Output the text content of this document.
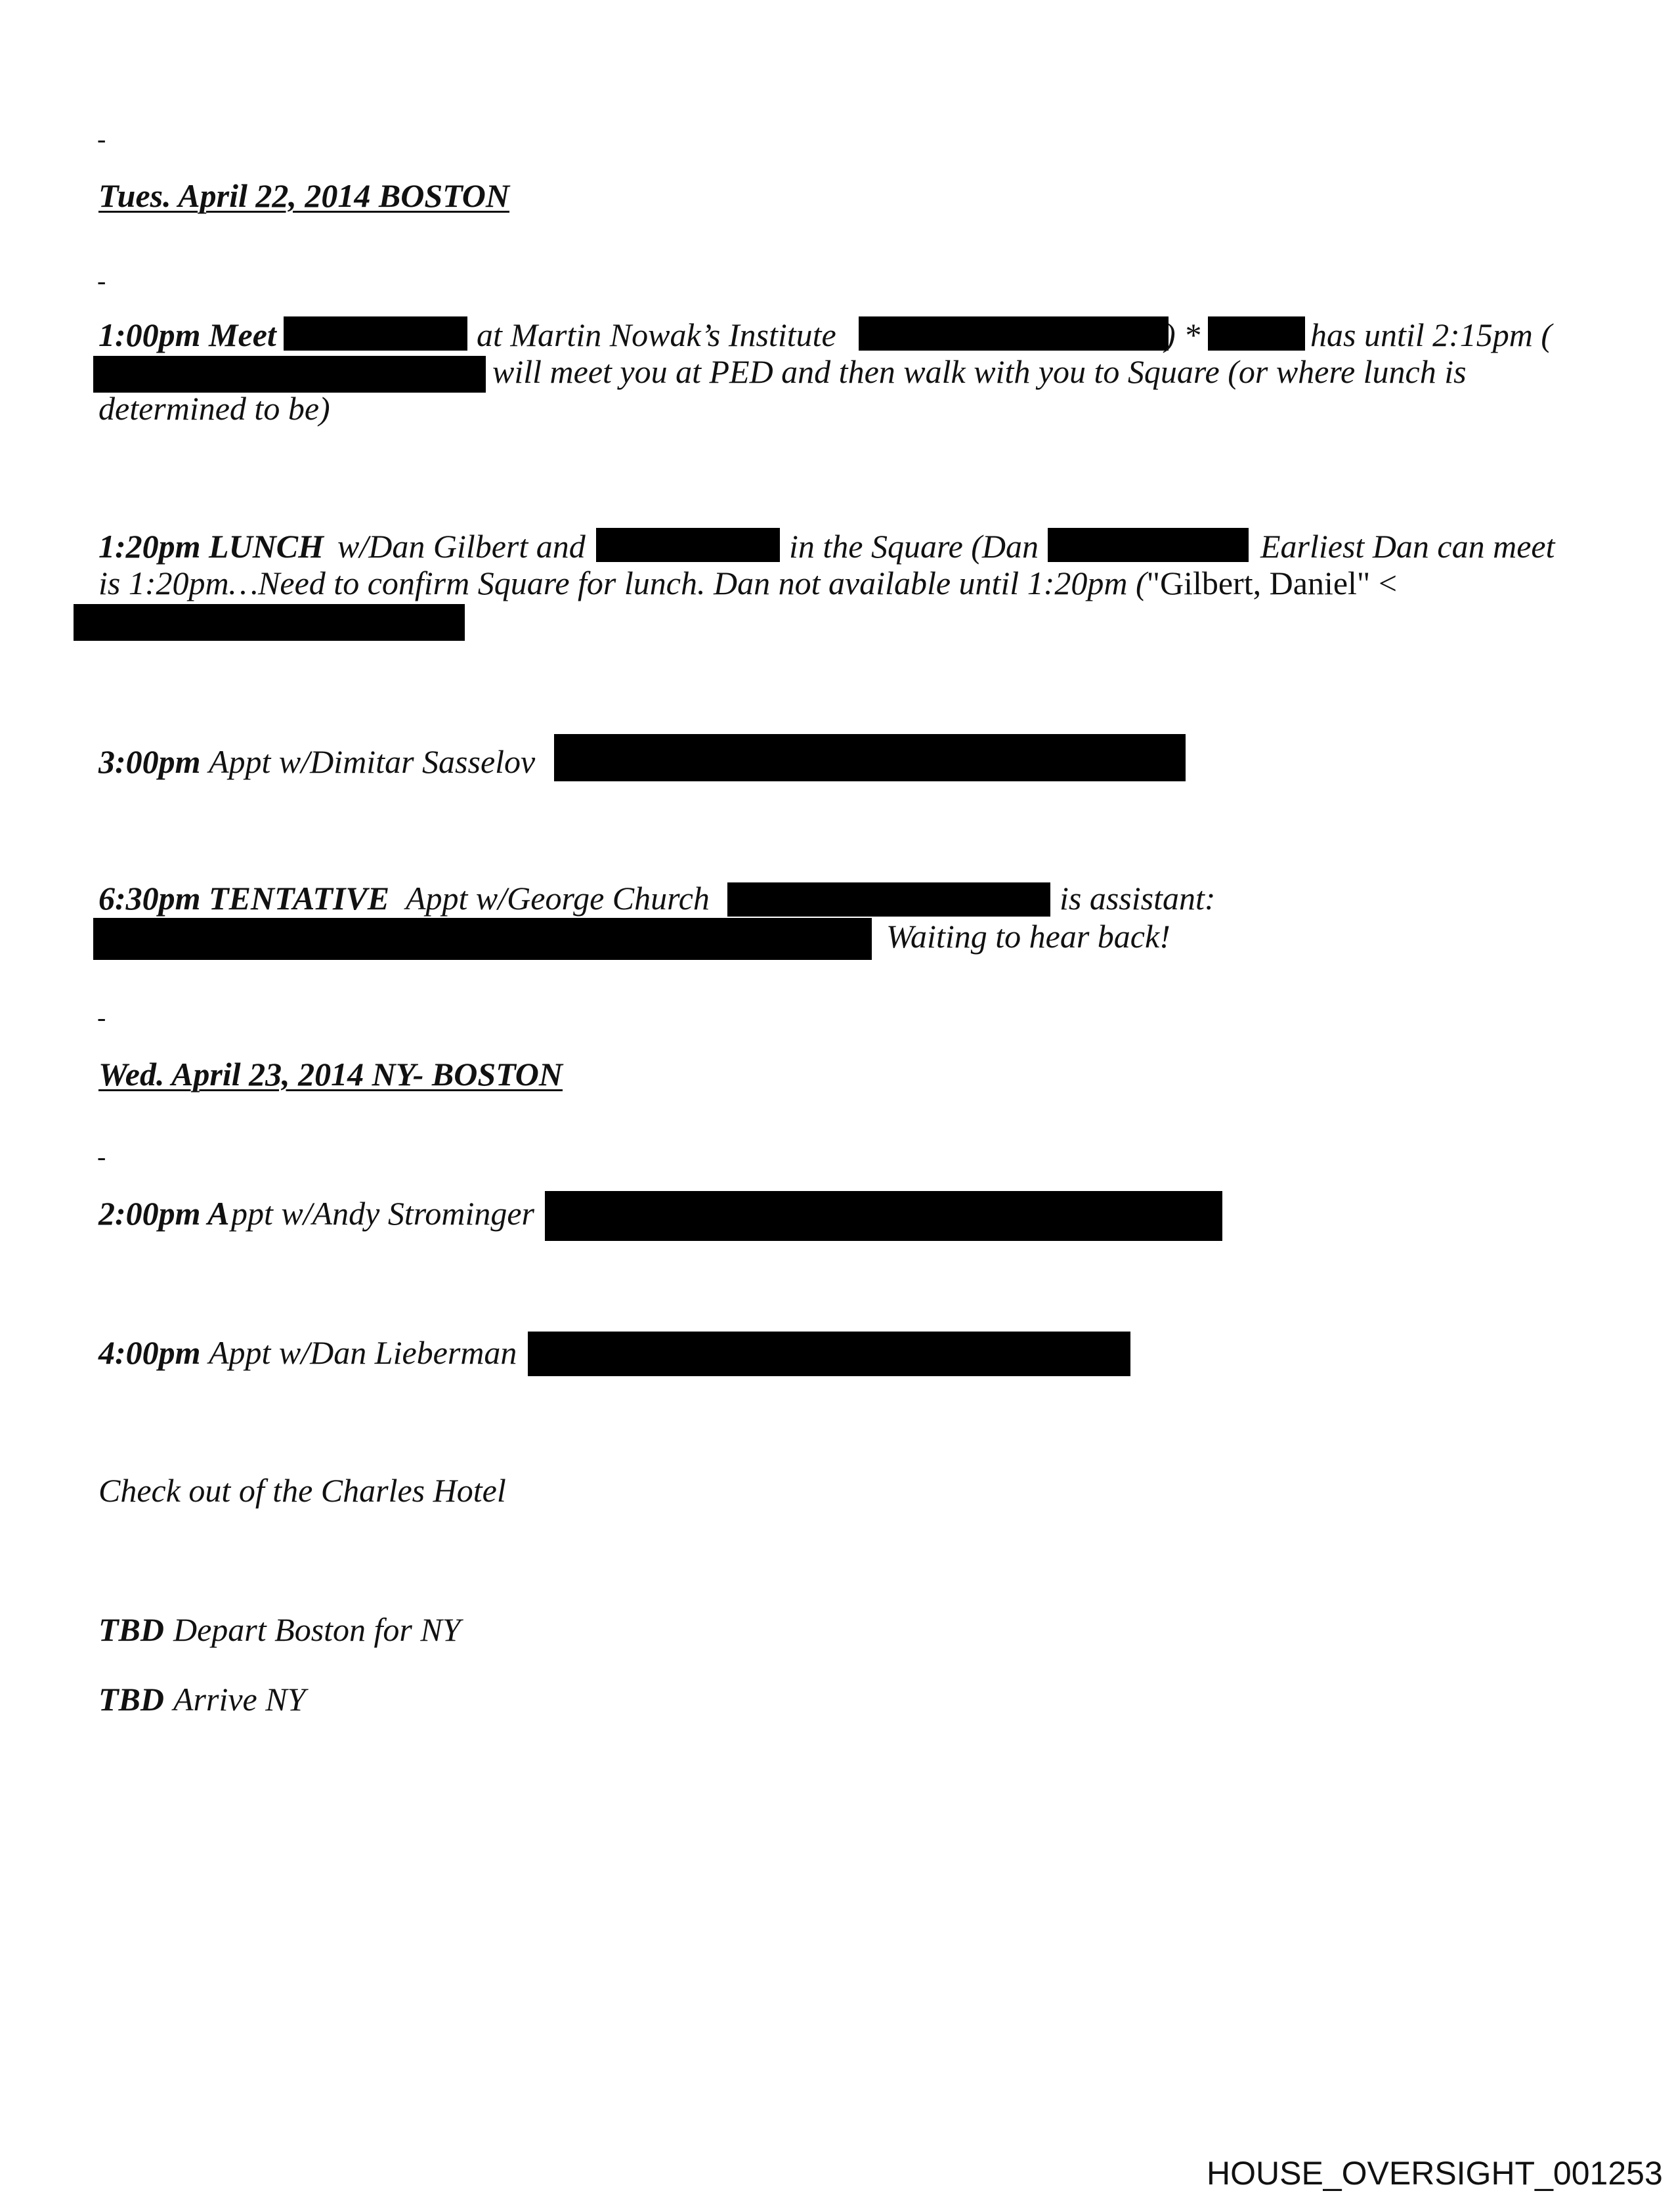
-
Tues. April 22, 2014 BOSTON
-
1:00pm Meet	at Martin Nowak’s Institute	) *	has until 2:15pm (
will meet you at PED and then walk with you to Square (or where lunch is
determined to be)
1:20pm LUNCH w/Dan Gilbert and	in the Square (Dan	Earliest Dan can meet
is 1:20pm…Need to confirm Square for lunch. Dan not available until 1:20pm ("Gilbert, Daniel" <
3:00pm Appt w/Dimitar Sasselov
6:30pm TENTATIVE Appt w/George Church	is assistant:
Waiting to hear back!
-
Wed. April 23, 2014 NY- BOSTON
-
2:00pm A ppt w/Andy Strominger
4:00pm Appt w/Dan Lieberman
Check out of the Charles Hotel
TBD Depart Boston for NY
TBD Arrive NY
HOUSE_OVERSIGHT_001253
